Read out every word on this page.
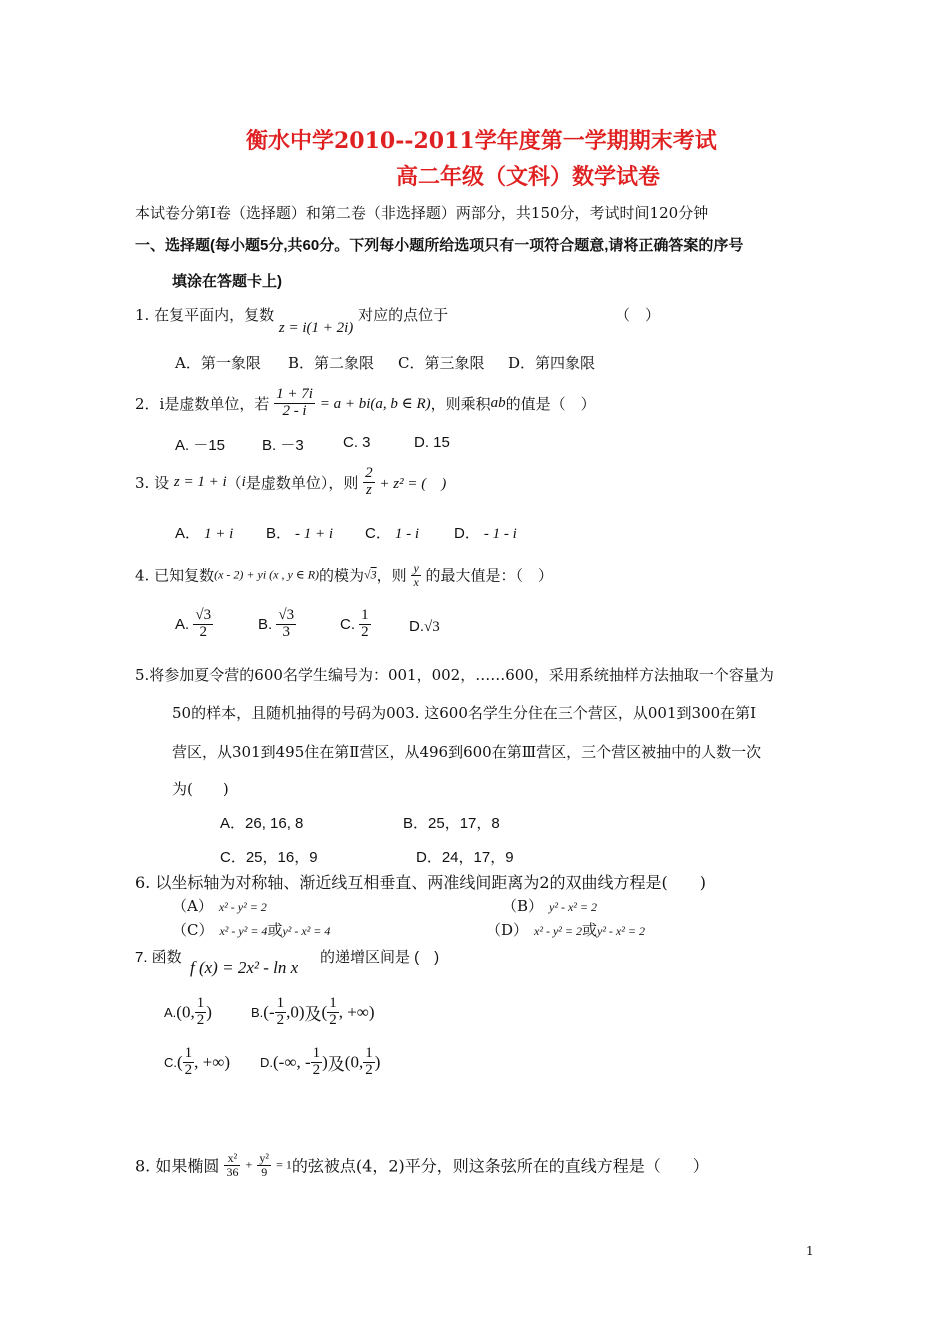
衡水中学2010--2011学年度第一学期期末考试
高二年级（文科）数学试卷
本试卷分第Ⅰ卷（选择题）和第二卷（非选择题）两部分，共150分，考试时间120分钟
一、选择题(每小题5分,共60分。下列每小题所给选项只有一项符合题意,请将正确答案的序号
填涂在答题卡上)
1. 在复平面内，复数 z = i(1 + 2i) 对应的点位于	（　）
A．第一象限 B．第二象限 C．第三象限 D．第四象限
2．i是虚数单位，若 $\frac{1 + 7i}{2 - i} = a + bi(a$, b ∈ R)，则乘积ab的值是（　）
A. －15 B. －3	C. 3	D. 15
3. 设 z = 1 + i（i是虚数单位），则 $\frac{2}{z} + z^2$ = (　)
A． 1 + i B． - 1 + i C． 1 - i D． - 1 - i
4. 已知复数(x - 2) + yi (x , y ∈ R)的模为√3，则 $\frac{y}{x}$ 的最大值是：（　）
A. $\frac{√3}{2}$	B. $\frac{√3}{3}$	C. $\frac{1}{2}$	D.√3
5.将参加夏令营的600名学生编号为：001，002，……600，采用系统抽样方法抽取一个容量为
50的样本，且随机抽得的号码为003. 这600名学生分住在三个营区，从001到300在第Ⅰ
营区，从301到495住在第Ⅱ营区，从496到600在第Ⅲ营区，三个营区被抽中的人数一次
为(　　)
A．26, 16, 8	B．25，17，8
C．25，16，9	D．24，17，9
6. 以坐标轴为对称轴、渐近线互相垂直、两准线间距离为2的双曲线方程是(　　)
（A） x² - y² = 2	（B） y² - x² = 2
（C） x² - y² = 4或y² - x² = 4	（D） x² - y² = 2或y² - x² = 2
7. 函数
f (x) = 2x² - ln x
的递增区间是 (　)
A.(0, $\frac{1}{2}$ )	$B.(- \frac{1}{2} ,0)$及( $\frac{1}{2}$ , +∞)
$C.( \frac{1}{2}$ , +∞) D.(-∞, - $\frac{1}{2}$ )及(0, $\frac{1}{2}$ )
8. 如果椭圆 $\frac{\text{x²}}{36} + \frac{\text{y²}}{9} = 1$的弦被点(4，2)平分，则这条弦所在的直线方程是（　　）
1
